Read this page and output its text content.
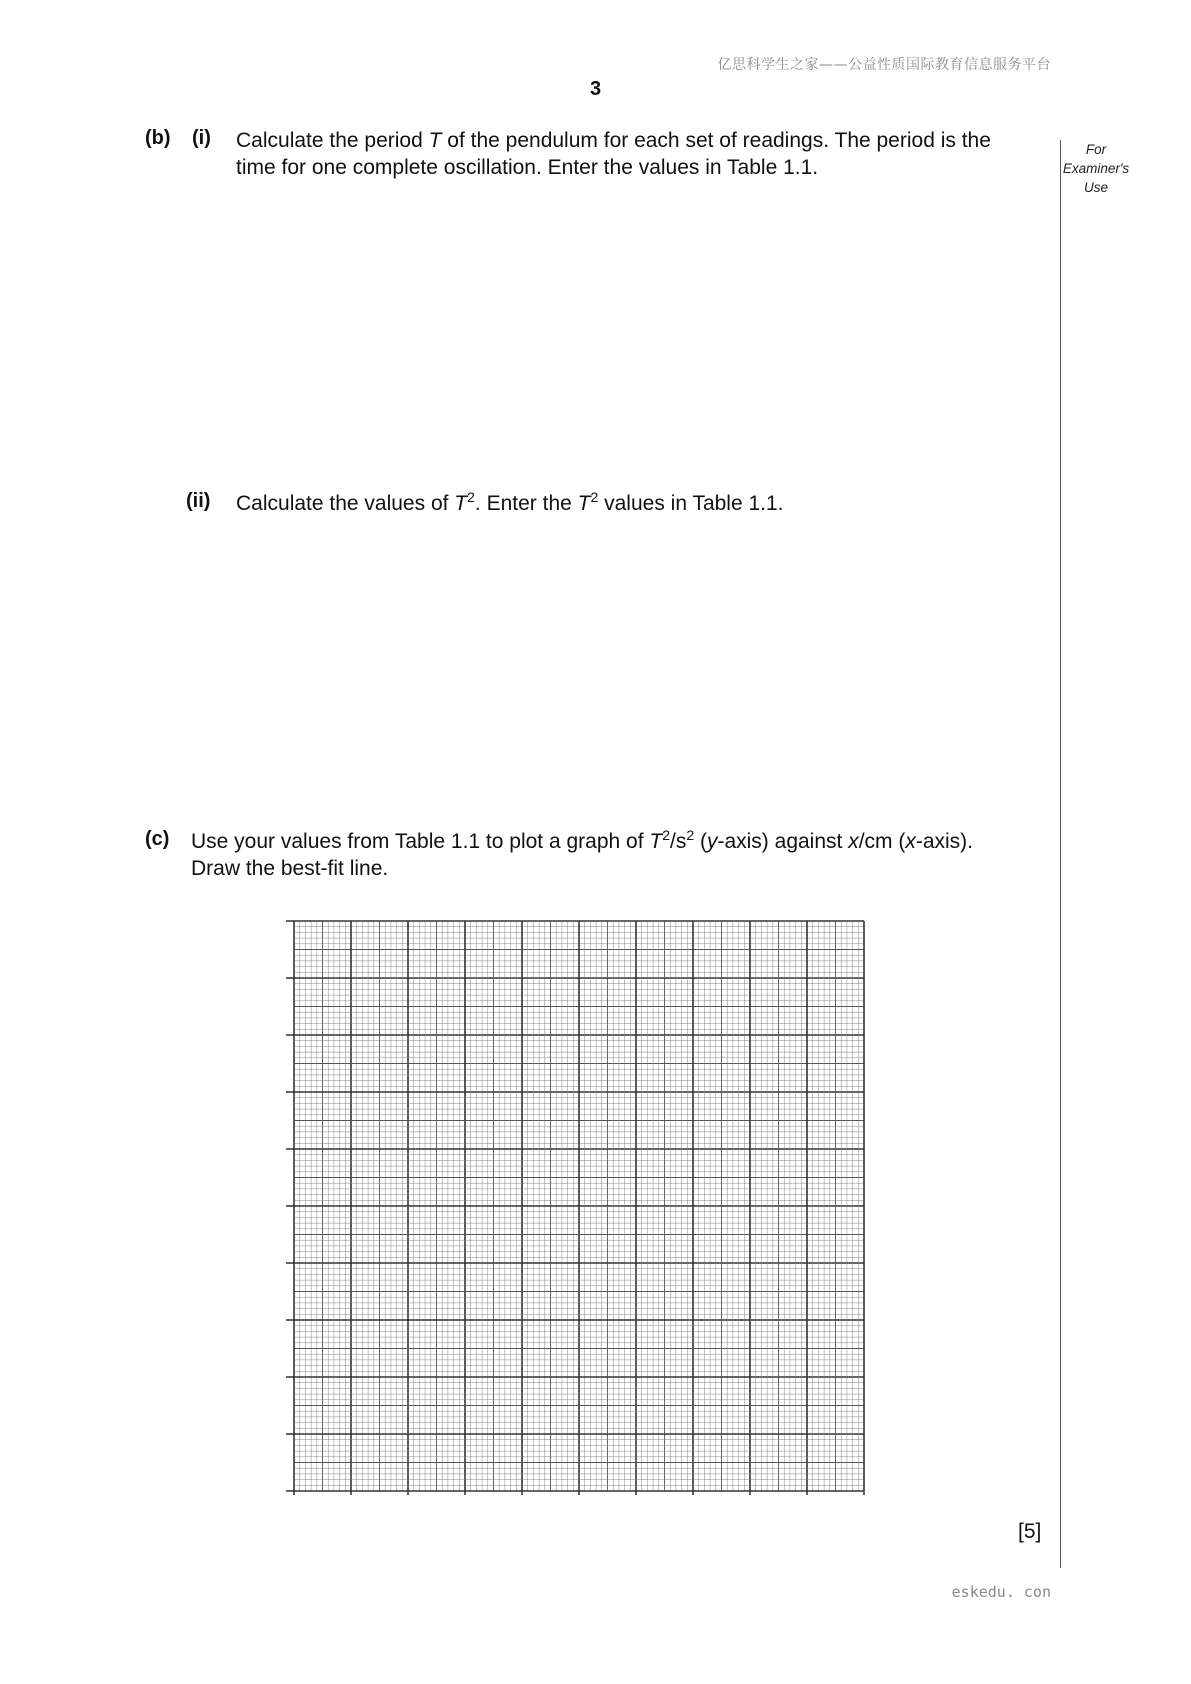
亿思科学生之家——公益性质国际教育信息服务平台
3
For
Examiner's
Use
(b) (i) Calculate the period T of the pendulum for each set of readings. The period is the
time for one complete oscillation. Enter the values in Table 1.1.
(ii) Calculate the values of $T^2$. Enter the $T^2$ values in Table 1.1.
(c) Use your values from Table 1.1 to plot a graph of $T^2/s^2$ (y-axis) against x/cm (x-axis).
Draw the best-fit line.
[5]
eskedu. con
